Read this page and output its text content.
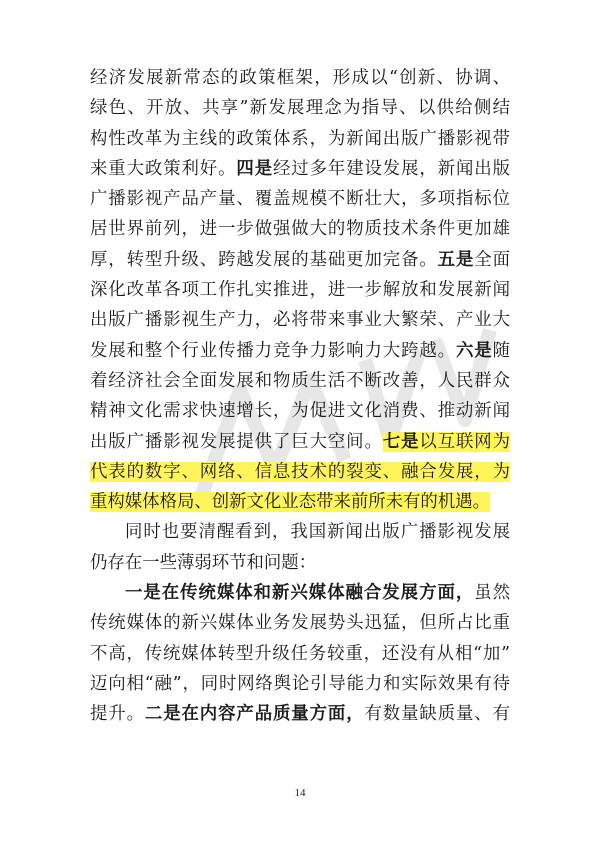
经济发展新常态的政策框架，形成以“创新、协调、
绿色、开放、共享”新发展理念为指导、以供给侧结
构性改革为主线的政策体系，为新闻出版广播影视带
来重大政策利好。四是经过多年建设发展，新闻出版
广播影视产品产量、覆盖规模不断壮大，多项指标位
居世界前列，进一步做强做大的物质技术条件更加雄
厚，转型升级、跨越发展的基础更加完备。五是全面
深化改革各项工作扎实推进，进一步解放和发展新闻
出版广播影视生产力，必将带来事业大繁荣、产业大
发展和整个行业传播力竞争力影响力大跨越。六是随
着经济社会全面发展和物质生活不断改善，人民群众
精神文化需求快速增长，为促进文化消费、推动新闻
出版广播影视发展提供了巨大空间。七是以互联网为
代表的数字、网络、信息技术的裂变、融合发展，为
重构媒体格局、创新文化业态带来前所未有的机遇。
同时也要清醒看到，我国新闻出版广播影视发展
仍存在一些薄弱环节和问题：
一是在传统媒体和新兴媒体融合发展方面，虽然
传统媒体的新兴媒体业务发展势头迅猛，但所占比重
不高，传统媒体转型升级任务较重，还没有从相“加”
迈向相“融”，同时网络舆论引导能力和实际效果有待
提升。二是在内容产品质量方面，有数量缺质量、有
14
